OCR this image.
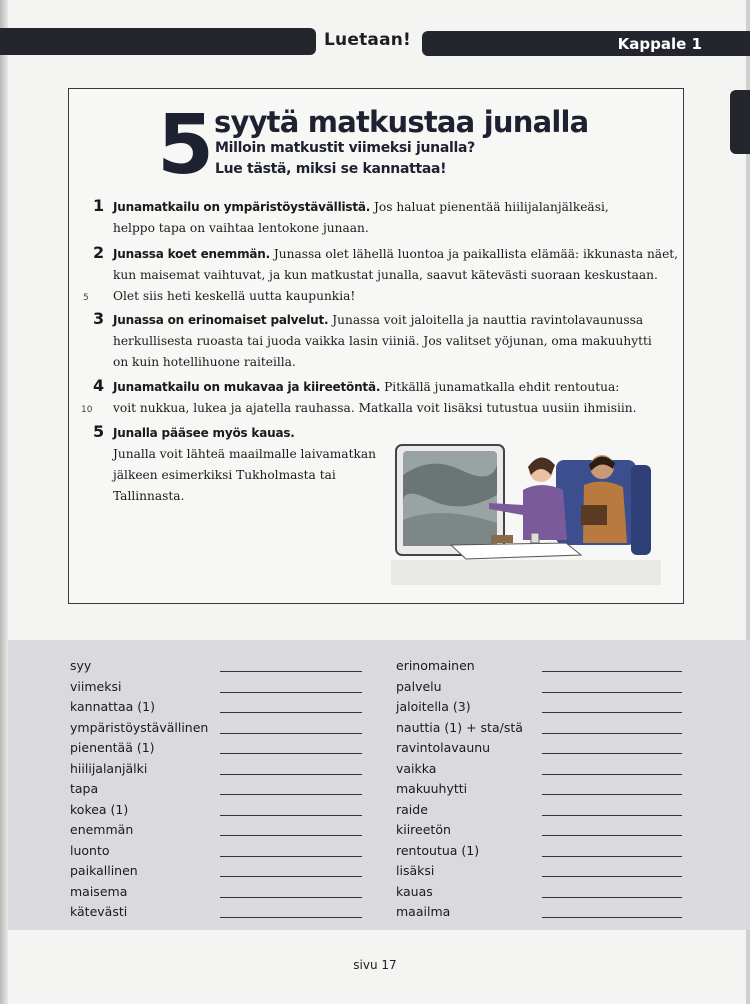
Luetaan!	Kappale 1
5 syytä matkustaa junalla
Milloin matkustit viimeksi junalla?
Lue tästä, miksi se kannattaa!
1 Junamatkailu on ympäristöystävällistä. Jos haluat pienentää hiilijalanjälkeäsi,
helppo tapa on vaihtaa lentokone junaan.
2 Junassa koet enemmän. Junassa olet lähellä luontoa ja paikallista elämää: ikkunasta näet,
kun maisemat vaihtuvat, ja kun matkustat junalla, saavut kätevästi suoraan keskustaan.
Olet siis heti keskellä uutta kaupunkia!
3 Junassa on erinomaiset palvelut. Junassa voit jaloitella ja nauttia ravintolavaunussa
herkullisesta ruoasta tai juoda vaikka lasin viiniä. Jos valitset yöjunan, oma makuuhytti
on kuin hotellihuone raiteilla.
4 Junamatkailu on mukavaa ja kiireetöntä. Pitkällä junamatkalla ehdit rentoutua:
voit nukkua, lukea ja ajatella rauhassa. Matkalla voit lisäksi tutustua uusiin ihmisiin.
5 Junalla pääsee myös kauas.
Junalla voit lähteä maailmalle laivamatkan
jälkeen esimerkiksi Tukholmasta tai
Tallinnasta.
5
10
syy
viimeksi
kannattaa (1)
ympäristöystävällinen
pienentää (1)
hiilijalanjälki
tapa
kokea (1)
enemmän
luonto
paikallinen
maisema
kätevästi
erinomainen
palvelu
jaloitella (3)
nauttia (1) + sta/stä
ravintolavaunu
vaikka
makuuhytti
raide
kiireetön
rentoutua (1)
lisäksi
kauas
maailma
sivu 17
